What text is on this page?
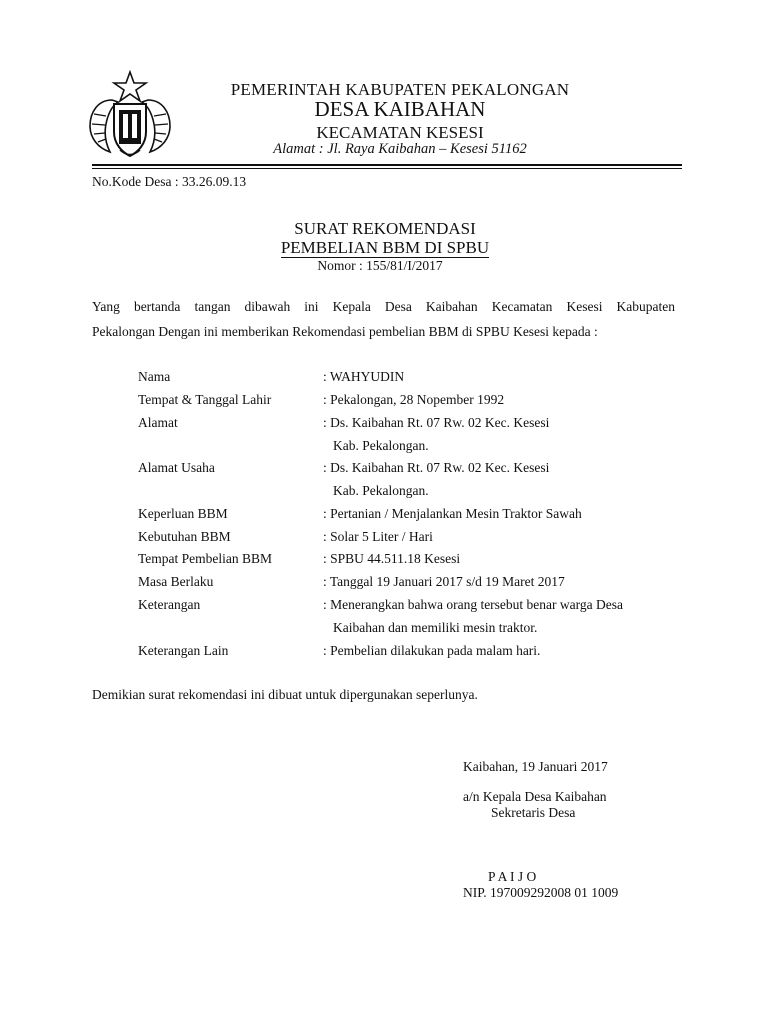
PEMERINTAH KABUPATEN PEKALONGAN
DESA KAIBAHAN
KECAMATAN KESESI
Alamat : Jl. Raya Kaibahan – Kesesi 51162
No.Kode Desa : 33.26.09.13
SURAT REKOMENDASI
PEMBELIAN BBM DI SPBU
Nomor : 155/81/I/2017
Yang bertanda tangan dibawah ini Kepala Desa Kaibahan Kecamatan Kesesi Kabupaten
Pekalongan Dengan ini memberikan Rekomendasi pembelian BBM di SPBU Kesesi kepada :
Nama	: WAHYUDIN
Tempat & Tanggal Lahir	: Pekalongan, 28 Nopember 1992
Alamat	: Ds. Kaibahan Rt. 07 Rw. 02 Kec. Kesesi
Kab. Pekalongan.
Alamat Usaha	: Ds. Kaibahan Rt. 07 Rw. 02 Kec. Kesesi
Kab. Pekalongan.
Keperluan BBM	: Pertanian / Menjalankan Mesin Traktor Sawah
Kebutuhan BBM	: Solar 5 Liter / Hari
Tempat Pembelian BBM	: SPBU 44.511.18 Kesesi
Masa Berlaku	: Tanggal 19 Januari 2017 s/d 19 Maret 2017
Keterangan	: Menerangkan bahwa orang tersebut benar warga Desa
Kaibahan dan memiliki mesin traktor.
Keterangan Lain	: Pembelian dilakukan pada malam hari.
Demikian surat rekomendasi ini dibuat untuk dipergunakan seperlunya.
Kaibahan, 19 Januari 2017
a/n Kepala Desa Kaibahan
Sekretaris Desa
P A I J O
NIP. 197009292008 01 1009
